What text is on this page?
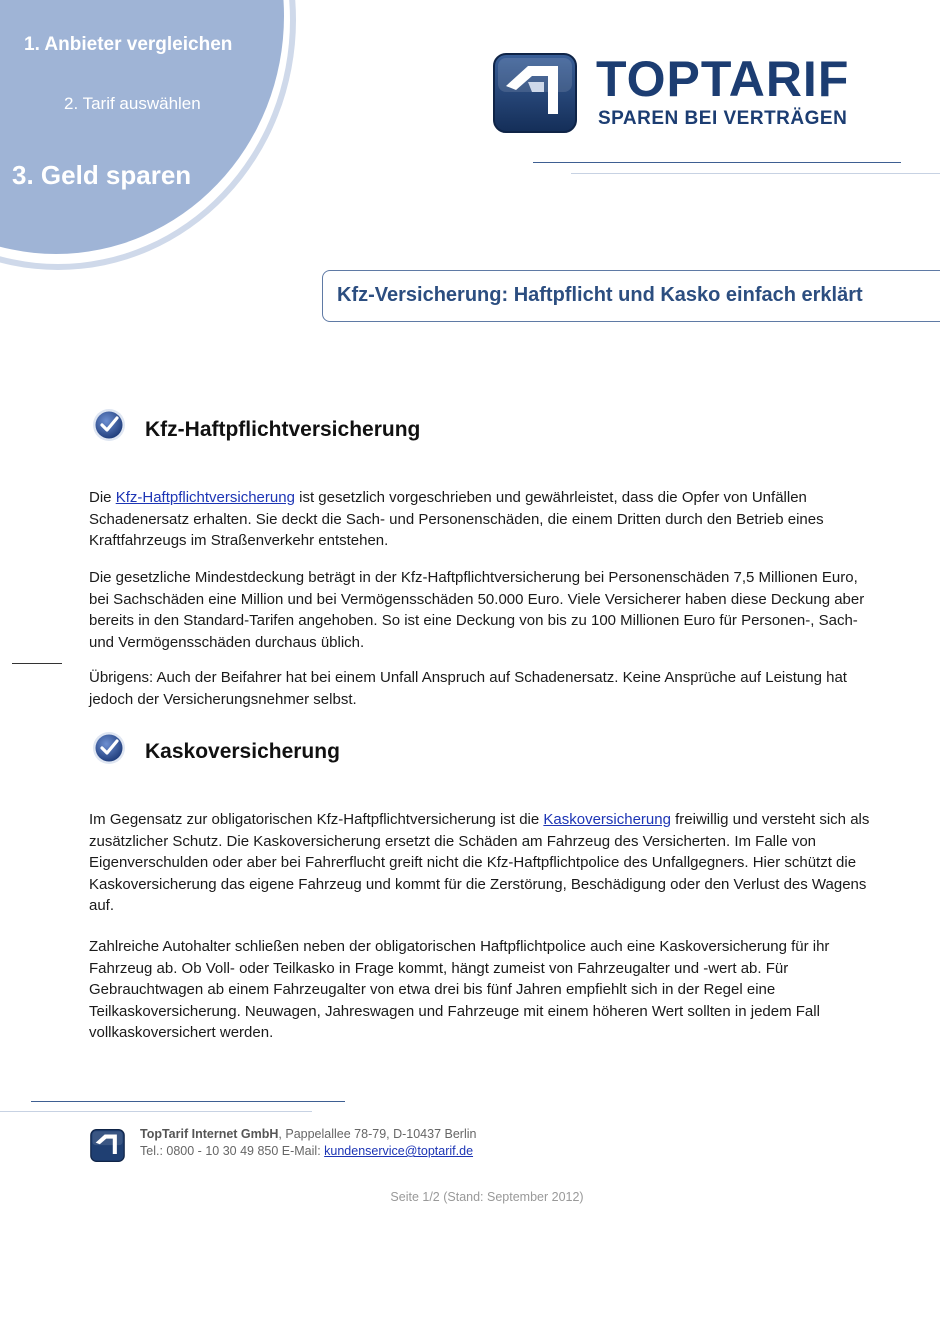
1. Anbieter vergleichen
2. Tarif auswählen
3. Geld sparen
TOPTARIF
SPAREN BEI VERTRÄGEN
Kfz-Versicherung: Haftpflicht und Kasko einfach erklärt
Kfz-Haftpflichtversicherung
Die Kfz-Haftpflichtversicherung ist gesetzlich vorgeschrieben und gewährleistet, dass die Opfer von Unfällen Schadenersatz erhalten. Sie deckt die Sach- und Personenschäden, die einem Dritten durch den Betrieb eines Kraftfahrzeugs im Straßenverkehr entstehen.
Die gesetzliche Mindestdeckung beträgt in der Kfz-Haftpflichtversicherung bei Personenschäden 7,5 Millionen Euro, bei Sachschäden eine Million und bei Vermögensschäden 50.000 Euro. Viele Versicherer haben diese Deckung aber bereits in den Standard-Tarifen angehoben. So ist eine Deckung von bis zu 100 Millionen Euro für Personen-, Sach- und Vermögensschäden durchaus üblich.
Übrigens: Auch der Beifahrer hat bei einem Unfall Anspruch auf Schadenersatz. Keine Ansprüche auf Leistung hat jedoch der Versicherungsnehmer selbst.
Kaskoversicherung
Im Gegensatz zur obligatorischen Kfz-Haftpflichtversicherung ist die Kaskoversicherung freiwillig und versteht sich als zusätzlicher Schutz. Die Kaskoversicherung ersetzt die Schäden am Fahrzeug des Versicherten. Im Falle von Eigenverschulden oder aber bei Fahrerflucht greift nicht die Kfz-Haftpflichtpolice des Unfallgegners. Hier schützt die Kaskoversicherung das eigene Fahrzeug und kommt für die Zerstörung, Beschädigung oder den Verlust des Wagens auf.
Zahlreiche Autohalter schließen neben der obligatorischen Haftpflichtpolice auch eine Kaskoversicherung für ihr Fahrzeug ab. Ob Voll- oder Teilkasko in Frage kommt, hängt zumeist von Fahrzeugalter und -wert ab. Für Gebrauchtwagen ab einem Fahrzeugalter von etwa drei bis fünf Jahren empfiehlt sich in der Regel eine Teilkaskoversicherung. Neuwagen, Jahreswagen und Fahrzeuge mit einem höheren Wert sollten in jedem Fall vollkaskoversichert werden.
TopTarif Internet GmbH, Pappelallee 78-79, D-10437 Berlin
Tel.: 0800 - 10 30 49 850 E-Mail: kundenservice@toptarif.de
Seite 1/2 (Stand: September 2012)
